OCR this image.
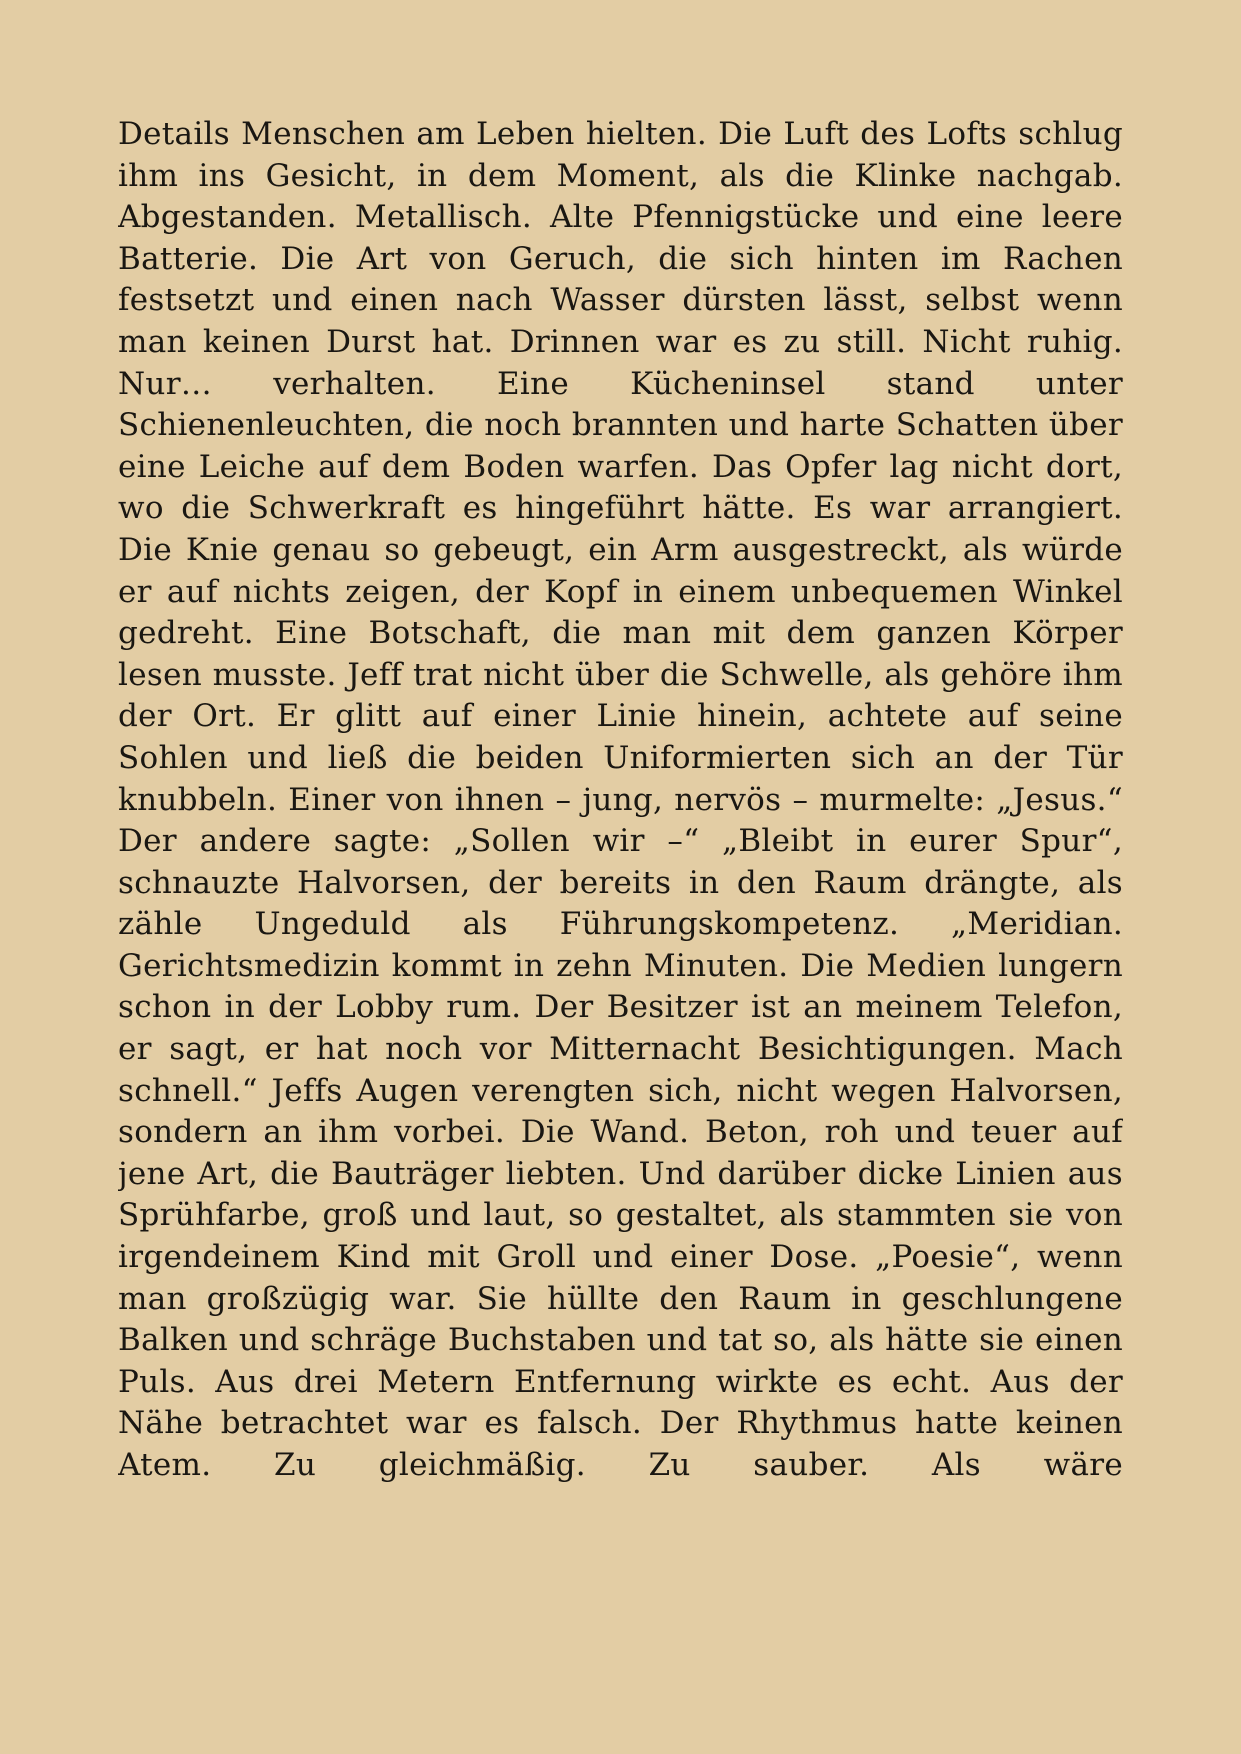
Details Menschen am Leben hielten. Die Luft des Lofts schlug ihm ins Gesicht, in dem Moment, als die Klinke nachgab. Abgestanden. Metallisch. Alte Pfennigstücke und eine leere Batterie. Die Art von Geruch, die sich hinten im Rachen festsetzt und einen nach Wasser dürsten lässt, selbst wenn man keinen Durst hat. Drinnen war es zu still. Nicht ruhig. Nur… verhalten. Eine Kücheninsel stand unter Schienenleuchten, die noch brannten und harte Schatten über eine Leiche auf dem Boden warfen. Das Opfer lag nicht dort, wo die Schwerkraft es hingeführt hätte. Es war arrangiert. Die Knie genau so gebeugt, ein Arm ausgestreckt, als würde er auf nichts zeigen, der Kopf in einem unbequemen Winkel gedreht. Eine Botschaft, die man mit dem ganzen Körper lesen musste. Jeff trat nicht über die Schwelle, als gehöre ihm der Ort. Er glitt auf einer Linie hinein, achtete auf seine Sohlen und ließ die beiden Uniformierten sich an der Tür knubbeln. Einer von ihnen – jung, nervös – murmelte: „Jesus.“ Der andere sagte: „Sollen wir –“ „Bleibt in eurer Spur“, schnauzte Halvorsen, der bereits in den Raum drängte, als zähle Ungeduld als Führungskompetenz. „Meridian. Gerichtsmedizin kommt in zehn Minuten. Die Medien lungern schon in der Lobby rum. Der Besitzer ist an meinem Telefon, er sagt, er hat noch vor Mitternacht Besichtigungen. Mach schnell.“ Jeffs Augen verengten sich, nicht wegen Halvorsen, sondern an ihm vorbei. Die Wand. Beton, roh und teuer auf jene Art, die Bauträger liebten. Und darüber dicke Linien aus Sprühfarbe, groß und laut, so gestaltet, als stammten sie von irgendeinem Kind mit Groll und einer Dose. „Poesie“, wenn man großzügig war. Sie hüllte den Raum in geschlungene Balken und schräge Buchstaben und tat so, als hätte sie einen Puls. Aus drei Metern Entfernung wirkte es echt. Aus der Nähe betrachtet war es falsch. Der Rhythmus hatte keinen Atem. Zu gleichmäßig. Zu sauber. Als wäre
